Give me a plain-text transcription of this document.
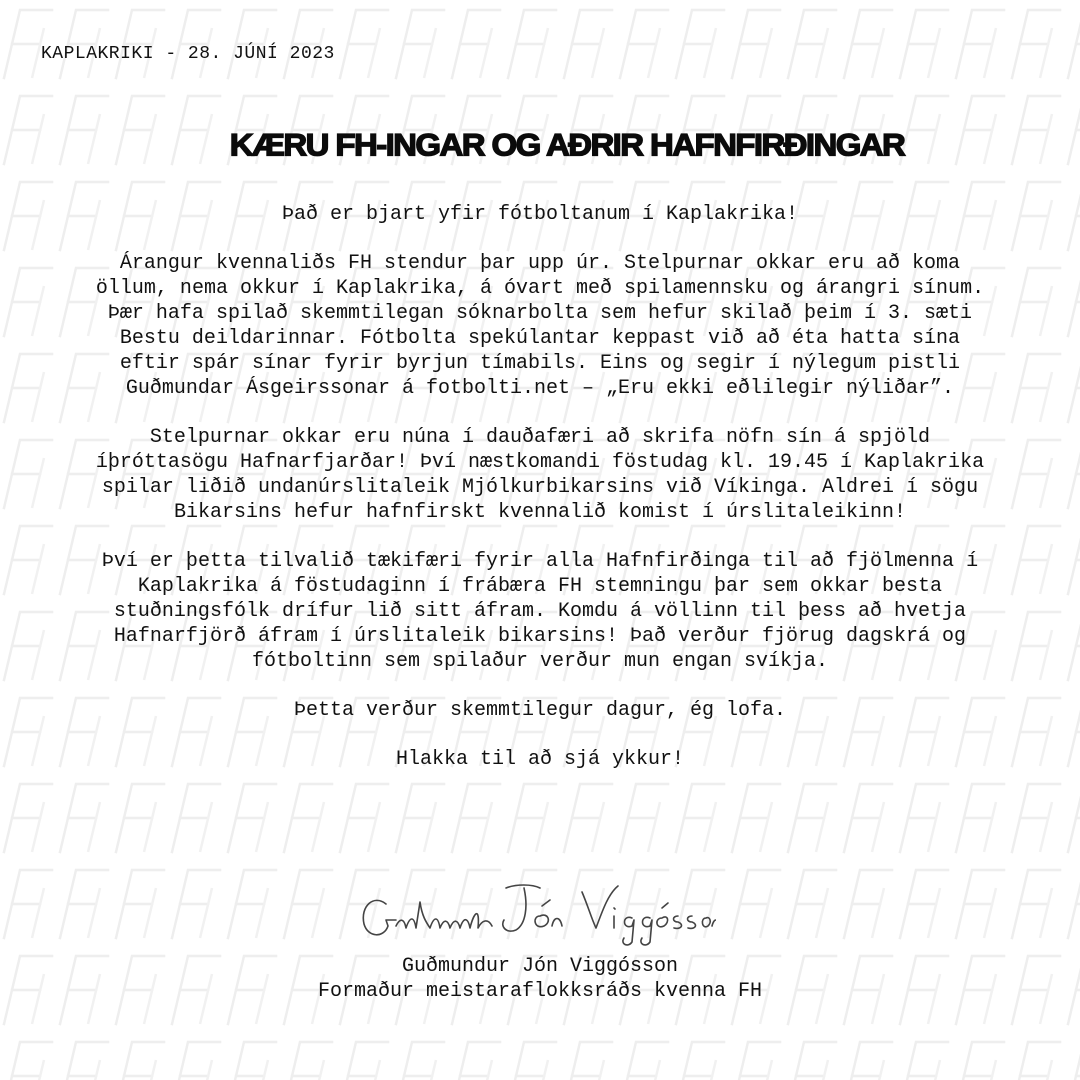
KAPLAKRIKI - 28. JÚNÍ 2023
KÆRU FH-INGAR OG AÐRIR HAFNFIRÐINGAR

Það er bjart yfir fótboltanum í Kaplakrika!

Árangur kvennaliðs FH stendur þar upp úr. Stelpurnar okkar eru að koma öllum, nema okkur í Kaplakrika, á óvart með spilamennsku og árangri sínum. Þær hafa spilað skemmtilegan sóknarbolta sem hefur skilað þeim í 3. sæti Bestu deildarinnar. Fótbolta spekúlantar keppast við að éta hatta sína eftir spár sínar fyrir byrjun tímabils. Eins og segir í nýlegum pistli Guðmundar Ásgeirssonar á fotbolti.net – „Eru ekki eðlilegir nýliðar”.

Stelpurnar okkar eru núna í dauðafæri að skrifa nöfn sín á spjöld íþróttasögu Hafnarfjarðar! Því næstkomandi föstudag kl. 19.45 í Kaplakrika spilar liðið undanúrslitaleik Mjólkurbikarsins við Víkinga. Aldrei í sögu Bikarsins hefur hafnfirskt kvennalið komist í úrslitaleikinn!

Því er þetta tilvalið tækifæri fyrir alla Hafnfirðinga til að fjölmenna í Kaplakrika á föstudaginn í frábæra FH stemningu þar sem okkar besta stuðningsfólk drífur lið sitt áfram. Komdu á völlinn til þess að hvetja Hafnarfjörð áfram í úrslitaleik bikarsins! Það verður fjörug dagskrá og fótboltinn sem spilaður verður mun engan svíkja.

Þetta verður skemmtilegur dagur, ég lofa.

Hlakka til að sjá ykkur!

Guðmundur Jón Viggósson
Formaður meistaraflokksráðs kvenna FH
